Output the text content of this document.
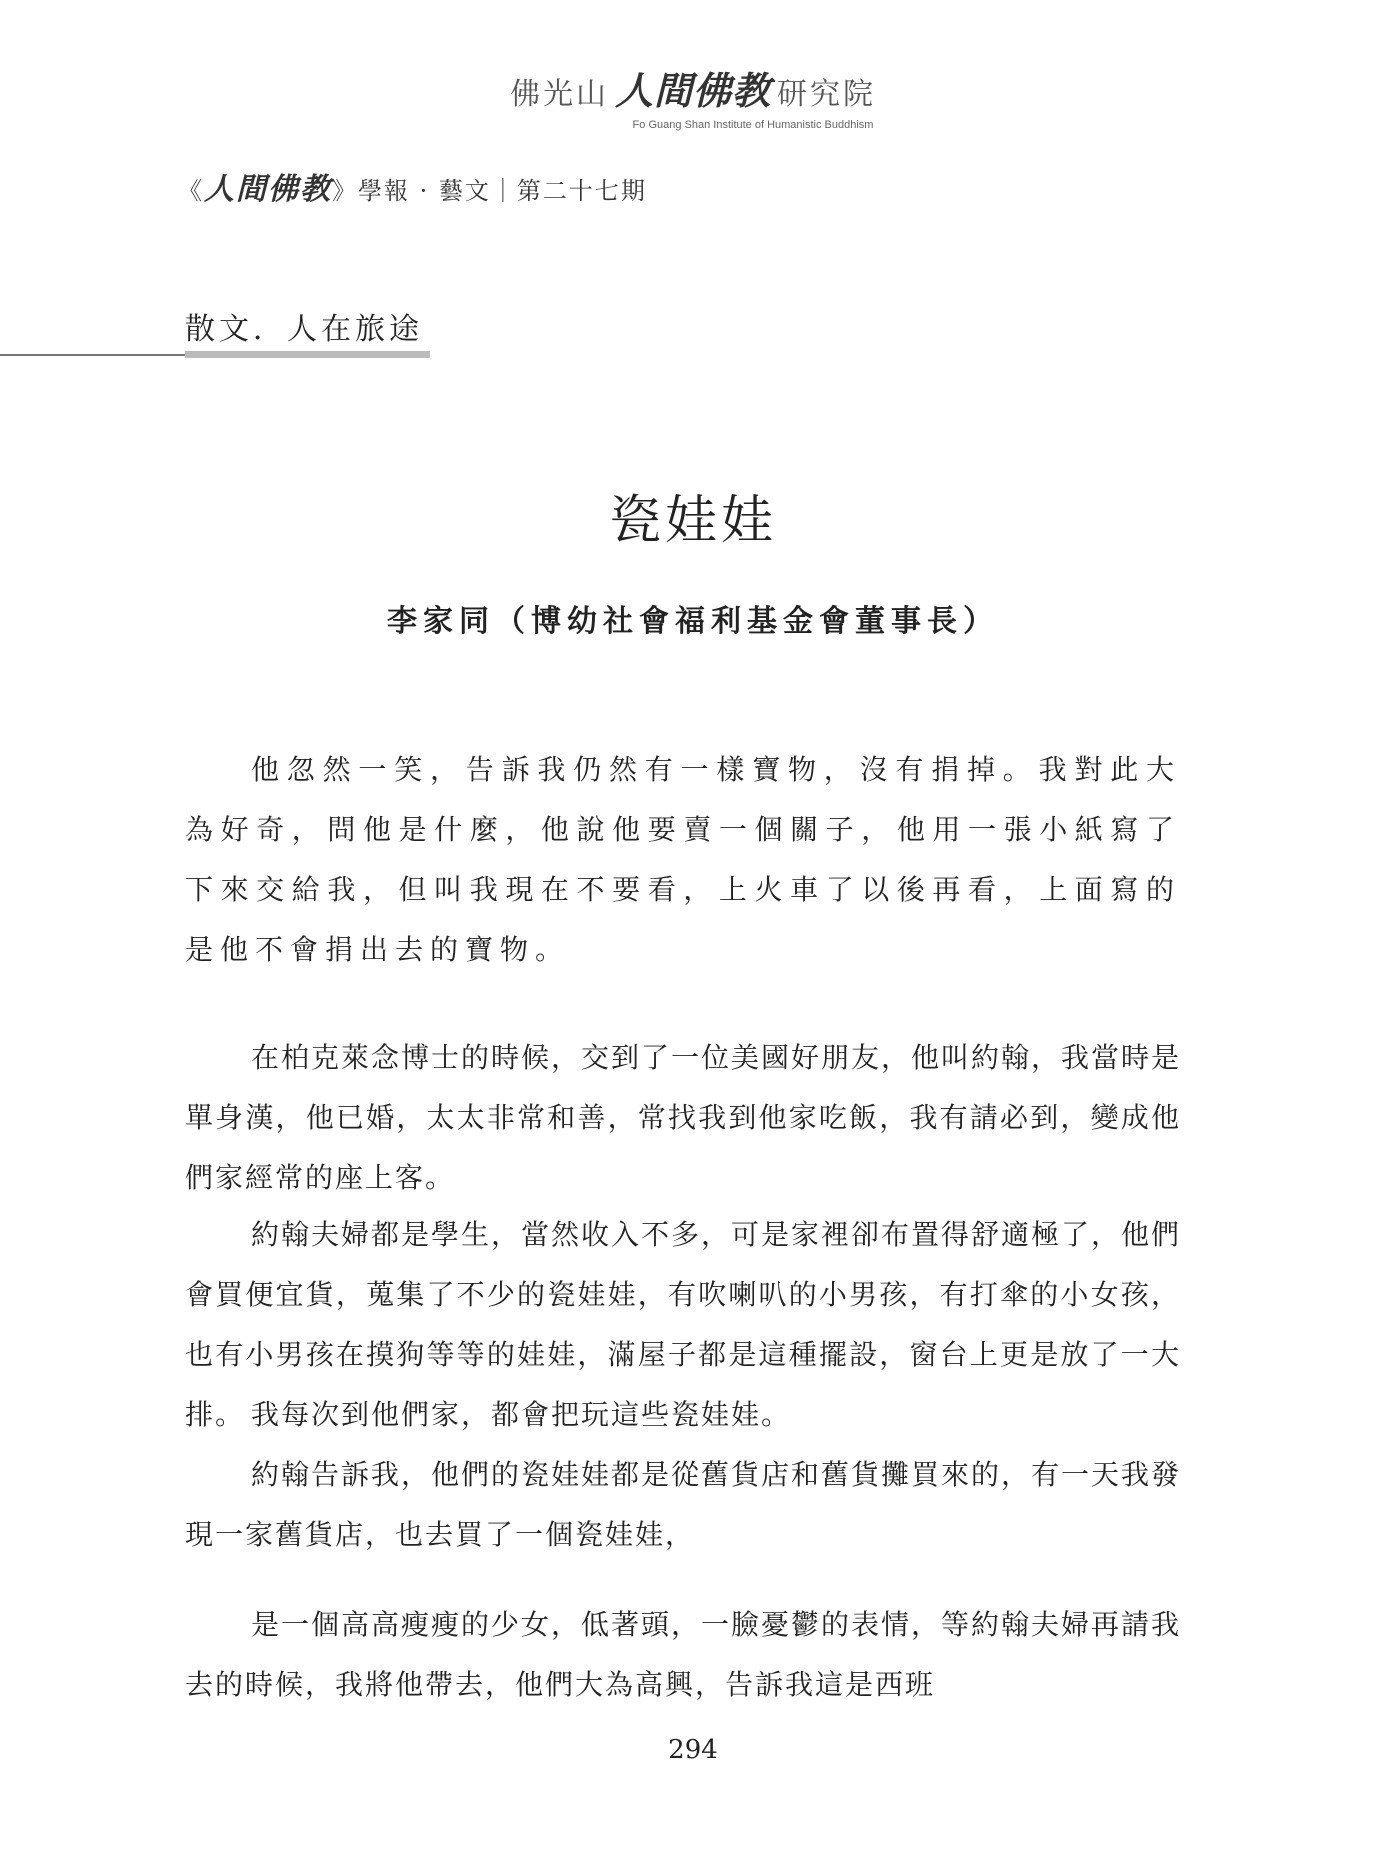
佛光山 人間佛教 研究院
Fo Guang Shan Institute of Humanistic Buddhism
《人間佛教》學報 · 藝文｜第二十七期
散文．人在旅途
瓷娃娃
李家同（博幼社會福利基金會董事長）

他忽然一笑，告訴我仍然有一樣寶物，沒有捐掉。我對此大為好奇，問他是什麼，他說他要賣一個關子，他用一張小紙寫了下來交給我，但叫我現在不要看，上火車了以後再看，上面寫的是他不會捐出去的寶物。

在柏克萊念博士的時候，交到了一位美國好朋友，他叫約翰，我當時是單身漢，他已婚，太太非常和善，常找我到他家吃飯，我有請必到，變成他們家經常的座上客。

約翰夫婦都是學生，當然收入不多，可是家裡卻布置得舒適極了，他們會買便宜貨，蒐集了不少的瓷娃娃，有吹喇叭的小男孩，有打傘的小女孩，也有小男孩在摸狗等等的娃娃，滿屋子都是這種擺設，窗台上更是放了一大排。 我每次到他們家，都會把玩這些瓷娃娃。

約翰告訴我，他們的瓷娃娃都是從舊貨店和舊貨攤買來的，有一天我發現一家舊貨店，也去買了一個瓷娃娃，

是一個高高瘦瘦的少女，低著頭，一臉憂鬱的表情，等約翰夫婦再請我去的時候，我將他帶去，他們大為高興，告訴我這是西班

294
